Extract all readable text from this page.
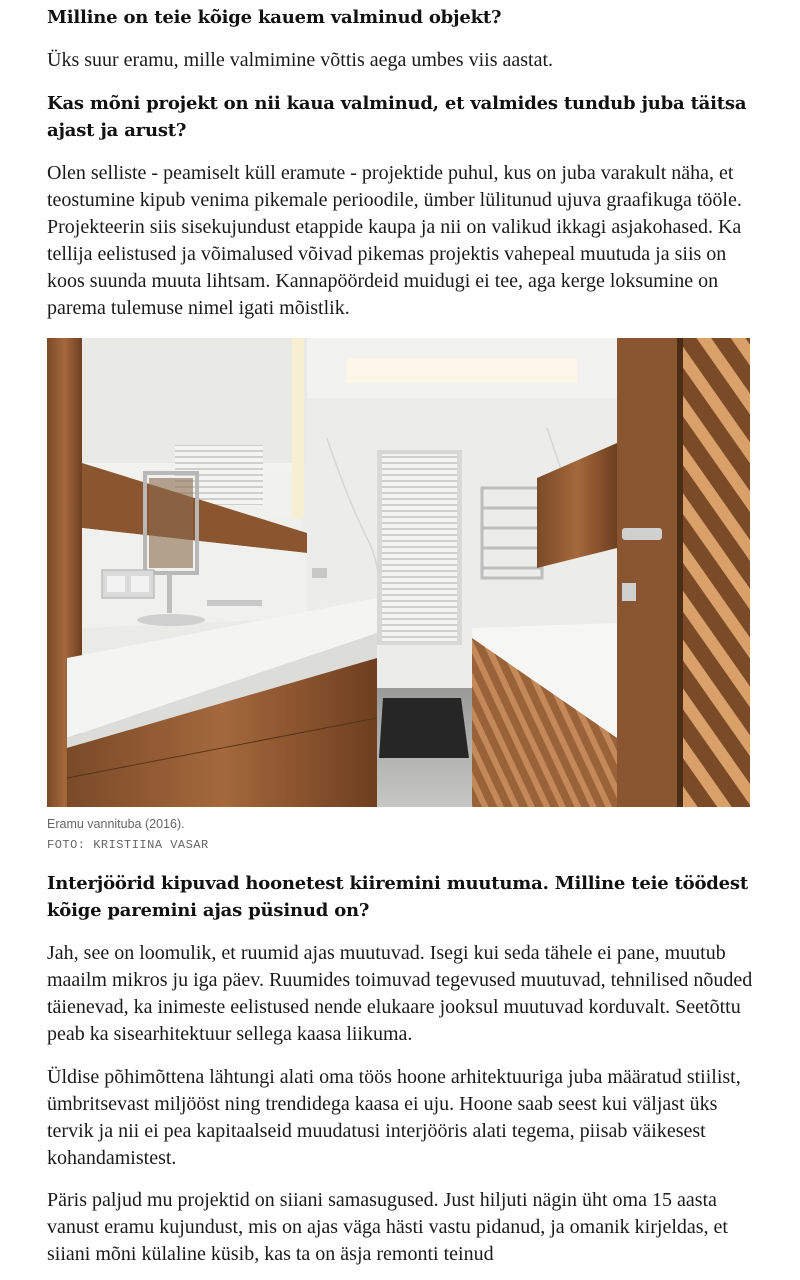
Milline on teie kõige kauem valminud objekt?

Üks suur eramu, mille valmimine võttis aega umbes viis aastat.

Kas mõni projekt on nii kaua valminud, et valmides tundub juba täitsa ajast ja arust?

Olen selliste - peamiselt küll eramute - projektide puhul, kus on juba varakult näha, et teostumine kipub venima pikemale perioodile, ümber lülitunud ujuva graafikuga tööle. Projekteerin siis sisekujundust etappide kaupa ja nii on valikud ikkagi asjakohased. Ka tellija eelistused ja võimalused võivad pikemas projektis vahepeal muutuda ja siis on koos suunda muuta lihtsam. Kannapöördeid muidugi ei tee, aga kerge loksumine on parema tulemuse nimel igati mõistlik.

Eramu vannituba (2016).
FOTO: KRISTIINA VASAR
Interjöörid kipuvad hoonetest kiiremini muutuma. Milline teie töödest kõige paremini ajas püsinud on?

Jah, see on loomulik, et ruumid ajas muutuvad. Isegi kui seda tähele ei pane, muutub maailm mikros ju iga päev. Ruumides toimuvad tegevused muutuvad, tehnilised nõuded täienevad, ka inimeste eelistused nende elukaare jooksul muutuvad korduvalt. Seetõttu peab ka sisearhitektuur sellega kaasa liikuma.

Üldise põhimõttena lähtungi alati oma töös hoone arhitektuuriga juba määratud stiilist, ümbritsevast miljööst ning trendidega kaasa ei uju. Hoone saab seest kui väljast üks tervik ja nii ei pea kapitaalseid muudatusi interjööris alati tegema, piisab väikesest kohandamistest.

Päris paljud mu projektid on siiani samasugused. Just hiljuti nägin üht oma 15 aasta vanust eramu kujundust, mis on ajas väga hästi vastu pidanud, ja omanik kirjeldas, et siiani mõni külaline küsib, kas ta on äsja remonti teinud
